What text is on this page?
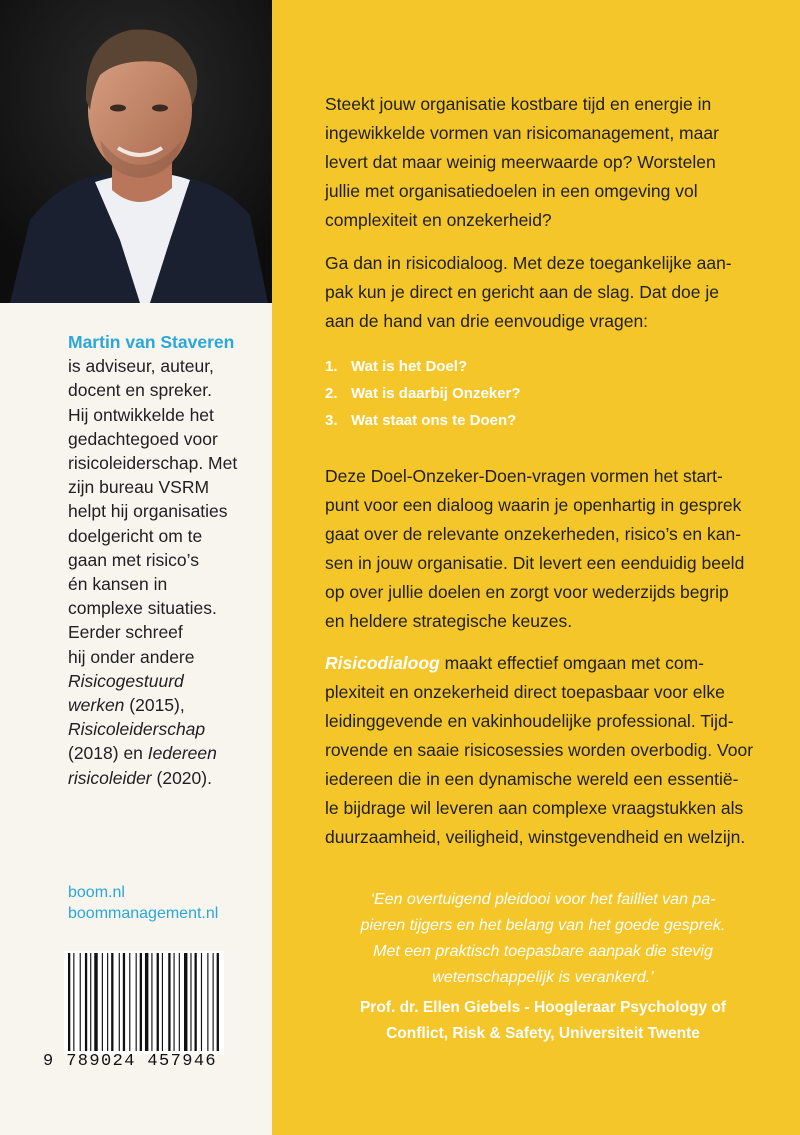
Martin van Staveren
is adviseur, auteur,
docent en spreker.
Hij ontwikkelde het
gedachtegoed voor
risicoleiderschap. Met
zijn bureau VSRM
helpt hij organisaties
doelgericht om te
gaan met risico’s
én kansen in
complexe situaties.
Eerder schreef
hij onder andere
Risicogestuurd
werken (2015),
Risicoleiderschap
(2018) en Iedereen
risicoleider (2020).
boom.nl
boommanagement.nl
9 789024 457946

Steekt jouw organisatie kostbare tijd en energie in
ingewikkelde vormen van risicomanagement, maar
levert dat maar weinig meerwaarde op? Worstelen
jullie met organisatiedoelen in een omgeving vol
complexiteit en onzekerheid?

Ga dan in risicodialoog. Met deze toegankelijke aan-
pak kun je direct en gericht aan de slag. Dat doe je
aan de hand van drie eenvoudige vragen:
1. Wat is het Doel?
2. Wat is daarbij Onzeker?
3. Wat staat ons te Doen?
Deze Doel-Onzeker-Doen-vragen vormen het start-
punt voor een dialoog waarin je openhartig in gesprek
gaat over de relevante onzekerheden, risico’s en kan-
sen in jouw organisatie. Dit levert een eenduidig beeld
op over jullie doelen en zorgt voor wederzijds begrip
en heldere strategische keuzes.
Risicodialoog maakt effectief omgaan met com-
plexiteit en onzekerheid direct toepasbaar voor elke
leidinggevende en vakinhoudelijke professional. Tijd-
rovende en saaie risicosessies worden overbodig. Voor
iedereen die in een dynamische wereld een essentië-
le bijdrage wil leveren aan complexe vraagstukken als
duurzaamheid, veiligheid, winstgevendheid en welzijn.
‘Een overtuigend pleidooi voor het failliet van pa-
pieren tijgers en het belang van het goede gesprek.
Met een praktisch toepasbare aanpak die stevig
wetenschappelijk is verankerd.’
Prof. dr. Ellen Giebels - Hoogleraar Psychology of
Conflict, Risk & Safety, Universiteit Twente
